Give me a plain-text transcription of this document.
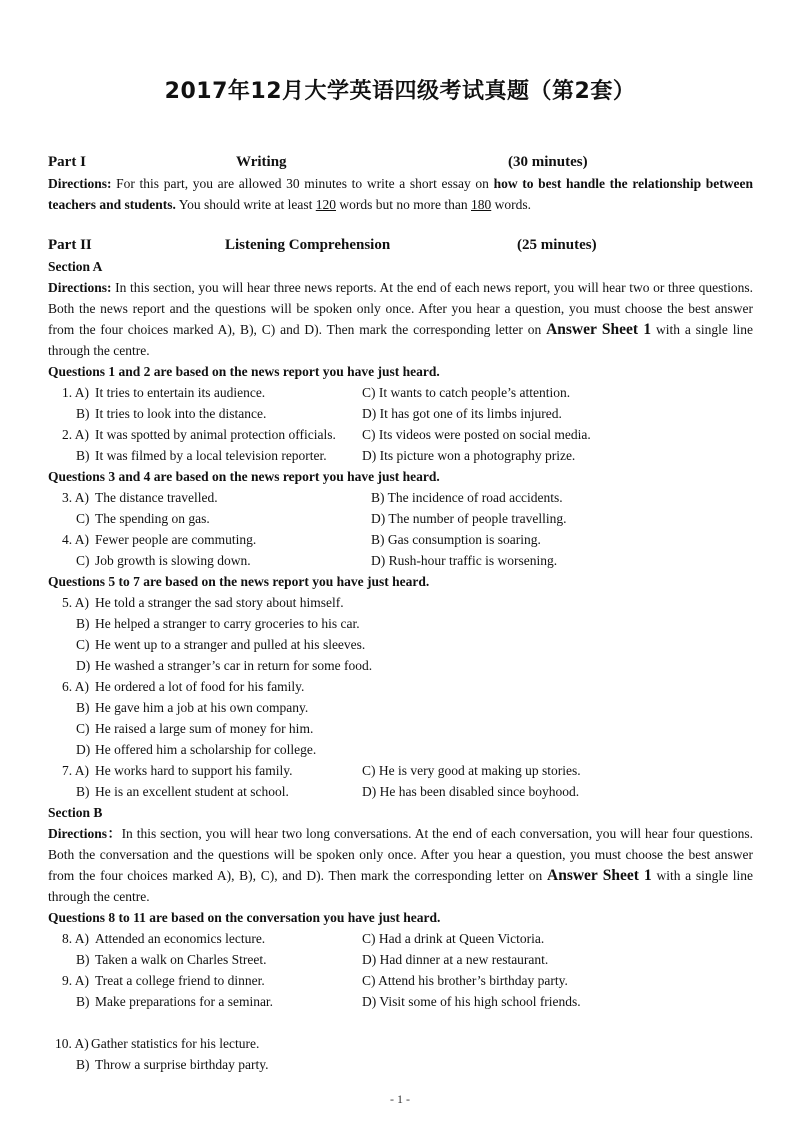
2017年12月大学英语四级考试真题（第2套）
Part I	Writing	(30 minutes)
Directions: For this part, you are allowed 30 minutes to write a short essay on how to best handle the relationship between teachers and students. You should write at least 120 words but no more than 180 words.
Part II	Listening Comprehension	(25 minutes)
Section A
Directions: In this section, you will hear three news reports. At the end of each news report, you will hear two or three questions. Both the news report and the questions will be spoken only once. After you hear a question, you must choose the best answer from the four choices marked A), B), C) and D). Then mark the corresponding letter on Answer Sheet 1 with a single line through the centre.
Questions 1 and 2 are based on the news report you have just heard.
1. A) It tries to entertain its audience.	C) It wants to catch people’s attention.
B) It tries to look into the distance.	D) It has got one of its limbs injured.
2. A) It was spotted by animal protection officials. C) Its videos were posted on social media.
B) It was filmed by a local television reporter.	D) Its picture won a photography prize.
Questions 3 and 4 are based on the news report you have just heard.
3. A) The distance travelled.	B) The incidence of road accidents.
C) The spending on gas.	D) The number of people travelling.
4. A) Fewer people are commuting.	B) Gas consumption is soaring.
C) Job growth is slowing down.	D) Rush-hour traffic is worsening.
Questions 5 to 7 are based on the news report you have just heard.
5. A) He told a stranger the sad story about himself.
B) He helped a stranger to carry groceries to his car.
C) He went up to a stranger and pulled at his sleeves.
D) He washed a stranger’s car in return for some food.
6. A) He ordered a lot of food for his family.
B) He gave him a job at his own company.
C) He raised a large sum of money for him.
D) He offered him a scholarship for college.
7. A) He works hard to support his family.	C) He is very good at making up stories.
B) He is an excellent student at school.	D) He has been disabled since boyhood.
Section B
Directions：In this section, you will hear two long conversations. At the end of each conversation, you will hear four questions. Both the conversation and the questions will be spoken only once. After you hear a question, you must choose the best answer from the four choices marked A), B), C), and D). Then mark the corresponding letter on Answer Sheet 1 with a single line through the centre.
Questions 8 to 11 are based on the conversation you have just heard.
8. A) Attended an economics lecture.	C) Had a drink at Queen Victoria.
B) Taken a walk on Charles Street.	D) Had dinner at a new restaurant.
9. A) Treat a college friend to dinner.	C) Attend his brother’s birthday party.
B) Make preparations for a seminar.	D) Visit some of his high school friends.
10. A) Gather statistics for his lecture.
B) Throw a surprise birthday party.
- 1 -
